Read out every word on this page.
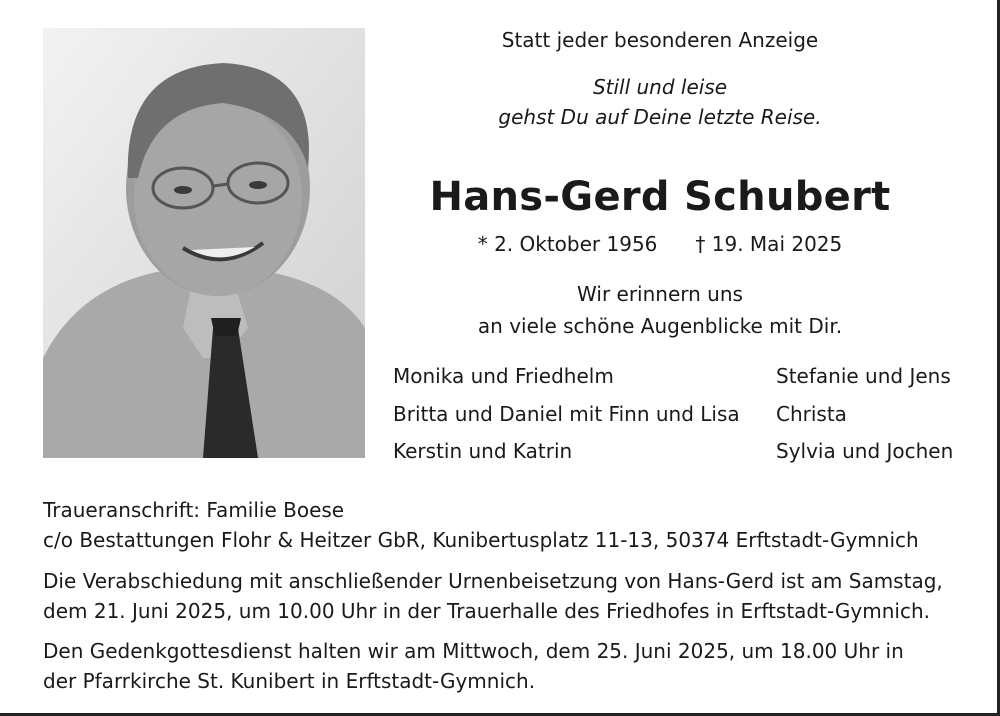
Statt jeder besonderen Anzeige
Still und leise
gehst Du auf Deine letzte Reise.
Hans-Gerd Schubert
* 2. Oktober 1956 † 19. Mai 2025
Wir erinnern uns
an viele schöne Augenblicke mit Dir.
Monika und Friedhelm
Britta und Daniel mit Finn und Lisa
Kerstin und Katrin
Stefanie und Jens
Christa
Sylvia und Jochen
Traueranschrift: Familie Boese
c/o Bestattungen Flohr & Heitzer GbR, Kunibertusplatz 11-13, 50374 Erftstadt-Gymnich
Die Verabschiedung mit anschließender Urnenbeisetzung von Hans-Gerd ist am Samstag,
dem 21. Juni 2025, um 10.00 Uhr in der Trauerhalle des Friedhofes in Erftstadt-Gymnich.
Den Gedenkgottesdienst halten wir am Mittwoch, dem 25. Juni 2025, um 18.00 Uhr in
der Pfarrkirche St. Kunibert in Erftstadt-Gymnich.
